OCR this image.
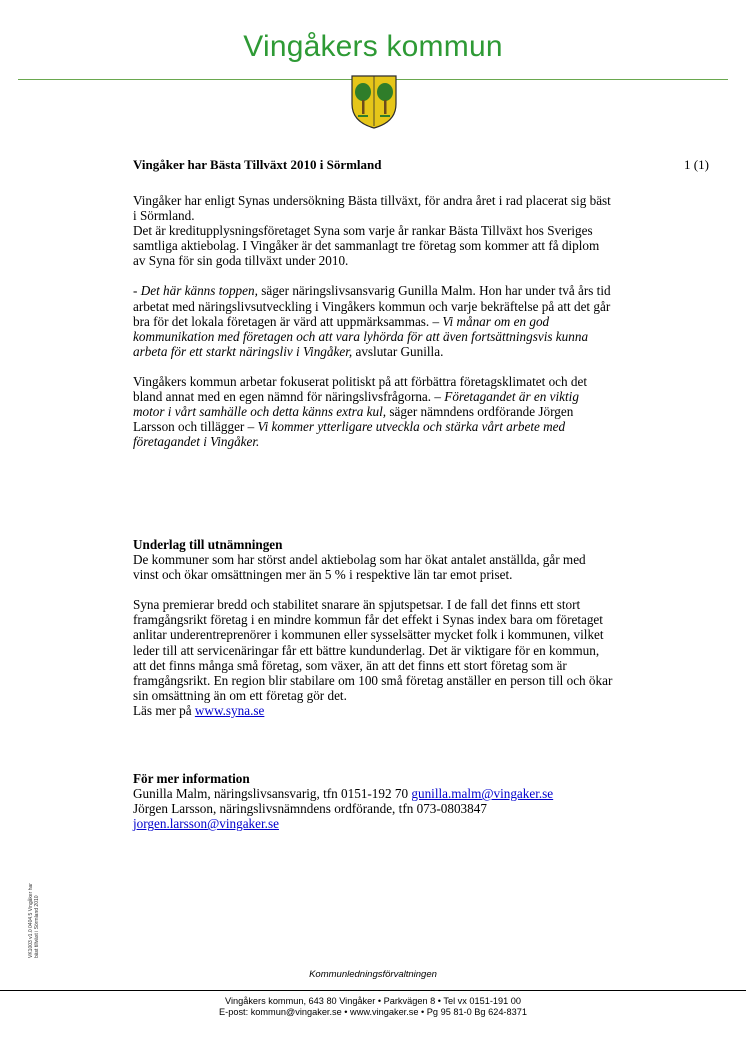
Vingåkers kommun
Vingåker har Bästa Tillväxt 2010 i Sörmland	1 (1)

Vingåker har enligt Synas undersökning Bästa tillväxt, för andra året i rad placerat sig bäst i Sörmland.

Det är kreditupplysningsföretaget Syna som varje år rankar Bästa Tillväxt hos Sveriges samtliga aktiebolag. I Vingåker är det sammanlagt tre företag som kommer att få diplom av Syna för sin goda tillväxt under 2010.

- Det här känns toppen, säger näringslivsansvarig Gunilla Malm. Hon har under två års tid arbetat med näringslivsutveckling i Vingåkers kommun och varje bekräftelse på att det går bra för det lokala företagen är värd att uppmärksammas. – Vi månar om en god kommunikation med företagen och att vara lyhörda för att även fortsättningsvis kunna arbeta för ett starkt näringsliv i Vingåker, avslutar Gunilla.

Vingåkers kommun arbetar fokuserat politiskt på att förbättra företagsklimatet och det bland annat med en egen nämnd för näringslivsfrågorna. – Företagandet är en viktig motor i vårt samhälle och detta känns extra kul, säger nämndens ordförande Jörgen Larsson och tillägger – Vi kommer ytterligare utveckla och stärka vårt arbete med företagandet i Vingåker.

Underlag till utnämningen

De kommuner som har störst andel aktiebolag som har ökat antalet anställda, går med vinst och ökar omsättningen mer än 5 % i respektive län tar emot priset.

Syna premierar bredd och stabilitet snarare än spjutspetsar. I de fall det finns ett stort framgångsrikt företag i en mindre kommun får det effekt i Synas index bara om företaget anlitar underentreprenörer i kommunen eller sysselsätter mycket folk i kommunen, vilket leder till att servicenäringar får ett bättre kundunderlag. Det är viktigare för en kommun, att det finns många små företag, som växer, än att det finns ett stort företag som är framgångsrikt. En region blir stabilare om 100 små företag anställer en person till och ökar sin omsättning än om ett företag gör det.
Läs mer på www.syna.se

För mer information

Gunilla Malm, näringslivsansvarig, tfn 0151-192 70 gunilla.malm@vingaker.se

Jörgen Larsson, näringslivsnämndens ordförande, tfn 073-0803847

jorgen.larsson@vingaker.se

VK1003 v1.0 0404.5 Vingåker har bäst tillväxt i Sörmland 2010
Kommunledningsförvaltningen
Vingåkers kommun, 643 80 Vingåker • Parkvägen 8 • Tel vx 0151-191 00
E-post: kommun@vingaker.se • www.vingaker.se • Pg 95 81-0 Bg 624-8371
